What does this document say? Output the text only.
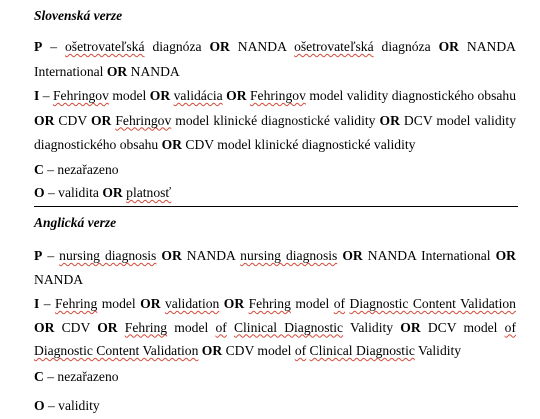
Slovenská verze

P – ošetrovateľská diagnóza OR NANDA ošetrovateľská diagnóza OR NANDA International OR NANDA

I – Fehringov model OR validácia OR Fehringov model validity diagnostického obsahu OR CDV OR Fehringov model klinické diagnostické validity OR DCV model validity diagnostického obsahu OR CDV model klinické diagnostické validity

C – nezařazeno

O – validita OR platnosť

Anglická verze

P – nursing diagnosis OR NANDA nursing diagnosis OR NANDA International OR NANDA

I – Fehring model OR validation OR Fehring model of Diagnostic Content Validation OR CDV OR Fehring model of Clinical Diagnostic Validity OR DCV model of Diagnostic Content Validation OR CDV model of Clinical Diagnostic Validity

C – nezařazeno

O – validity
